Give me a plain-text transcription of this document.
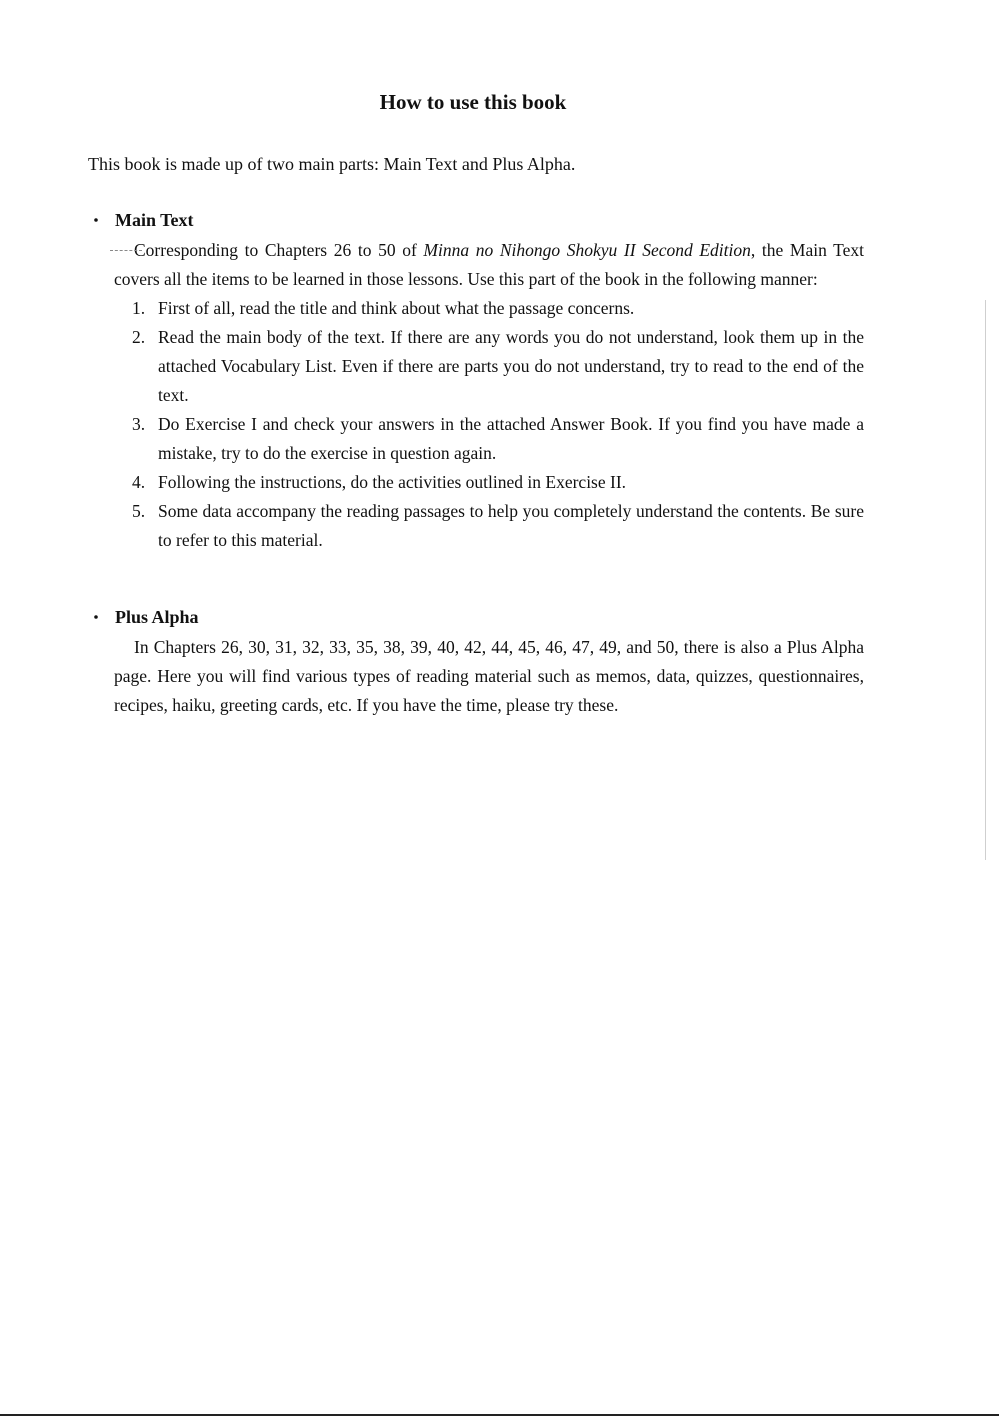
How to use this book
This book is made up of two main parts: Main Text and Plus Alpha.
・ Main Text
Corresponding to Chapters 26 to 50 of Minna no Nihongo Shokyu II Second Edition, the Main Text covers all the items to be learned in those lessons. Use this part of the book in the following manner:
1. First of all, read the title and think about what the passage concerns.
2. Read the main body of the text. If there are any words you do not understand, look them up in the attached Vocabulary List. Even if there are parts you do not understand, try to read to the end of the text.
3. Do Exercise I and check your answers in the attached Answer Book. If you find you have made a mistake, try to do the exercise in question again.
4. Following the instructions, do the activities outlined in Exercise II.
5. Some data accompany the reading passages to help you completely understand the contents. Be sure to refer to this material.
・ Plus Alpha
In Chapters 26, 30, 31, 32, 33, 35, 38, 39, 40, 42, 44, 45, 46, 47, 49, and 50, there is also a Plus Alpha page. Here you will find various types of reading material such as memos, data, quizzes, questionnaires, recipes, haiku, greeting cards, etc. If you have the time, please try these.
